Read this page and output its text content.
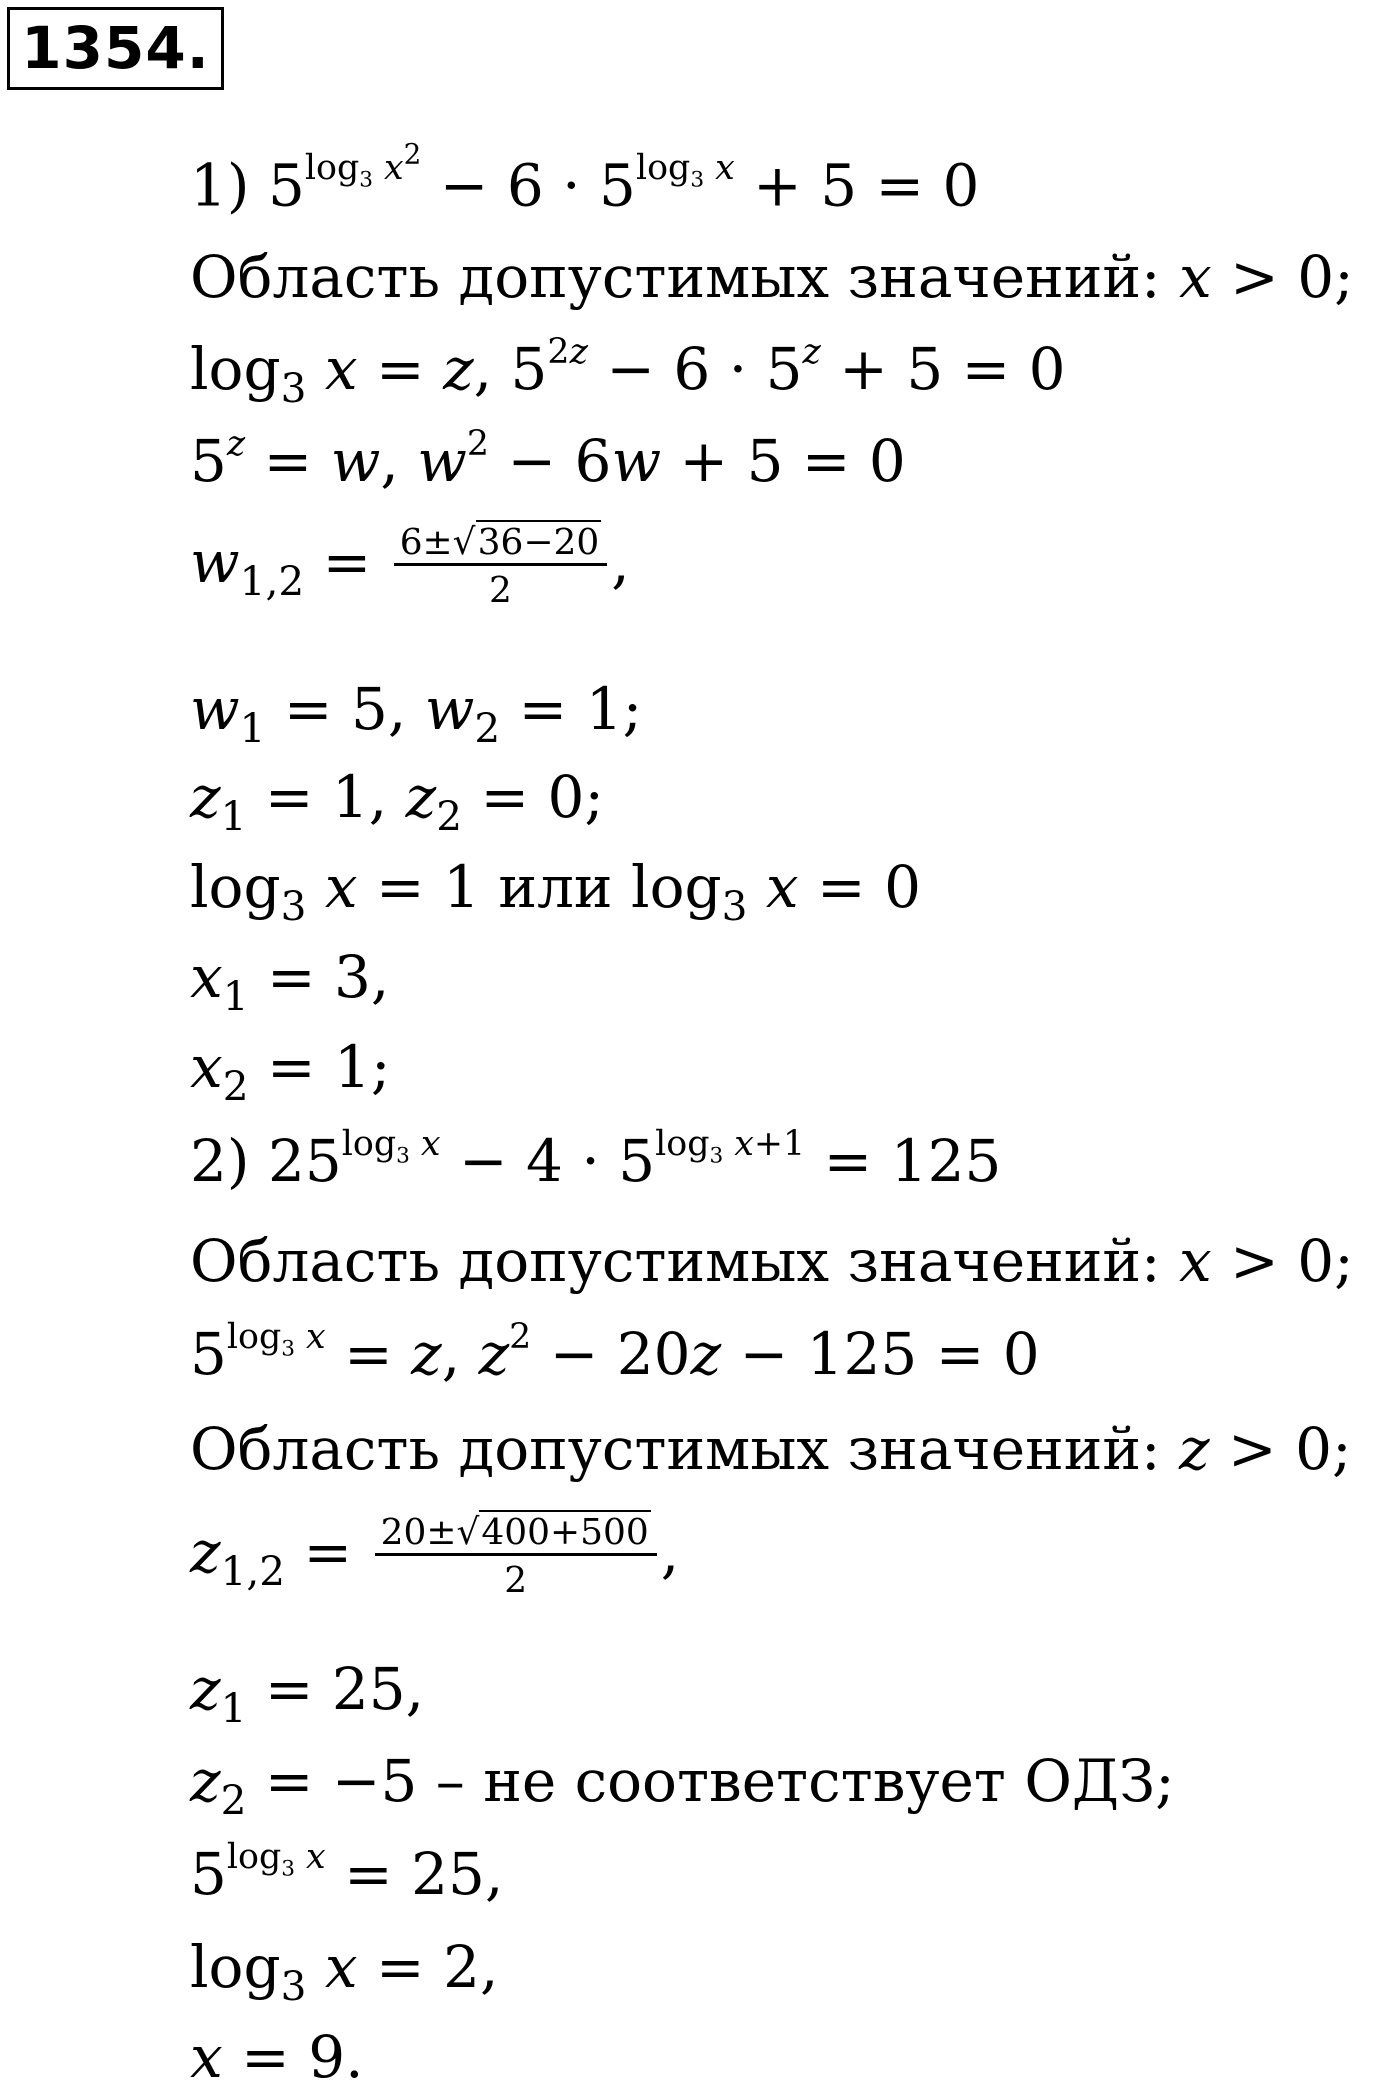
1354.
1) $5^{log_3 x^2} - 6 \cdot 5^{log_3 x} + 5 = 0$
Область допустимых значений: x > 0;
$\log_3 x = z$, $5^{2z} - 6 \cdot 5^z + 5 = 0$
$5^z = w$, $w^2 - 6w + 5 = 0$
$w_{1,2} = \frac{6\pm√36-20}{2}$ ,
$w_1 = 5$, $w_2 = 1$;
$z_1 = 1$, $z_2 = 0$;
$\log_3 x = 1$ или $\log_3 x = 0$
$x_1 = 3$,
$x_2 = 1$;
2) $25^{log_3 x} - 4 \cdot 5^{log_3 x+1} = 125$
Область допустимых значений: x > 0;
$5^{log_3 x} = z$, $z^2 - 20z - 125 = 0$
Область допустимых значений: z > 0;
$z_{1,2} = \frac{20\pm√400+500}{2}$ ,
$z_1 = 25$,
$z_2 = -5$ – не соответствует ОДЗ;
$5^{log_3 x} = 25$,
$\log_3 x = 2$,
x = 9.
